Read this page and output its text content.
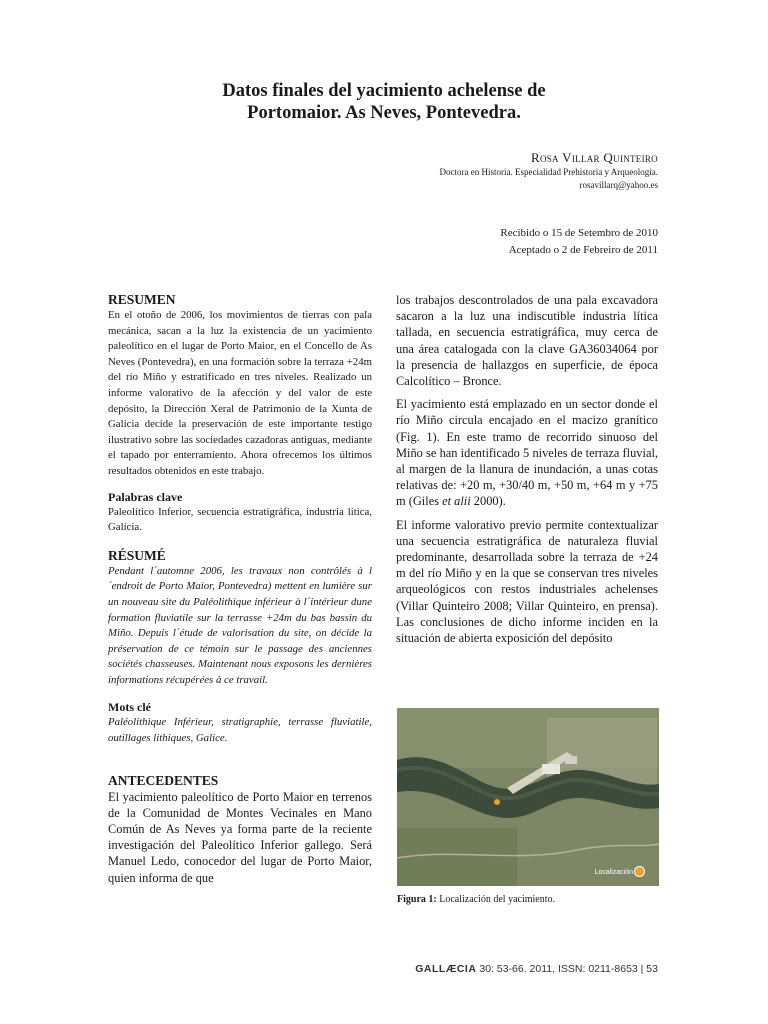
Datos finales del yacimiento achelense de
Portomaior. As Neves, Pontevedra.
Rosa Villar Quinteiro
Doctora en Historia. Especialidad Prehistoria y Arqueología.
rosavillarq@yahoo.es
Recibido o 15 de Setembro de 2010
Aceptado o 2 de Febreiro de 2011
RESUMEN

En el otoño de 2006, los movimientos de tierras con pala mecánica, sacan a la luz la existencia de un yacimiento paleolítico en el lugar de Porto Maior, en el Concello de As Neves (Pontevedra), en una formación sobre la terraza +24m del río Miño y estratificado en tres niveles. Realizado un informe valorativo de la afección y del valor de este depósito, la Dirección Xeral de Patrimonio de la Xunta de Galicia decide la preservación de este importante testigo ilustrativo sobre las sociedades cazadoras antiguas, mediante el tapado por enterramiento. Ahora ofrecemos los últimos resultados obtenidos en este trabajo.

Palabras clave

Paleolítico Inferior, secuencia estratigráfica, industria lítica, Galicia.

RÉSUMÉ

Pendant l´automne 2006, les travaux non contrôlés à l´endroit de Porto Maior, Pontevedra) mettent en lumière sur un nouveau site du Paléolithique inférieur à l´intérieur dune formation fluviatile sur la terrasse +24m du bas bassin du Miño. Depuis l´étude de valorisation du site, on décide la préservation de ce témoin sur le passage des anciennes sociétés chasseuses. Maintenant nous exposons les dernières informations récupérées à ce travail.

Mots clé

Paléolithique Inférieur, stratigraphie, terrasse fluviatile, outillages lithiques, Galice.

ANTECEDENTES

El yacimiento paleolítico de Porto Maior en terrenos de la Comunidad de Montes Vecinales en Mano Común de As Neves ya forma parte de la reciente investigación del Paleolítico Inferior gallego. Será Manuel Ledo, conocedor del lugar de Porto Maior, quien informa de que

los trabajos descontrolados de una pala excavadora sacaron a la luz una indiscutible industria lítica tallada, en secuencia estratigráfica, muy cerca de una área catalogada con la clave GA36034064 por la presencia de hallazgos en superficie, de época Calcolítico – Bronce.

El yacimiento está emplazado en un sector donde el río Miño circula encajado en el macizo granítico (Fig. 1). En este tramo de recorrido sinuoso del Miño se han identificado 5 niveles de terraza fluvial, al margen de la llanura de inundación, a unas cotas relativas de: +20 m, +30/40 m, +50 m, +64 m y +75 m (Giles et alii 2000).

El informe valorativo previo permite contextualizar una secuencia estratigráfica de naturaleza fluvial predominante, desarrollada sobre la terraza de +24 m del río Miño y en la que se conservan tres niveles arqueológicos con restos industriales achelenses (Villar Quinteiro 2008; Villar Quinteiro, en prensa). Las conclusiones de dicho informe inciden en la situación de abierta exposición del depósito

Localización
Figura 1: Localización del yacimiento.
GALLÆCIA 30: 53-66. 2011, ISSN: 0211-8653 | 53
